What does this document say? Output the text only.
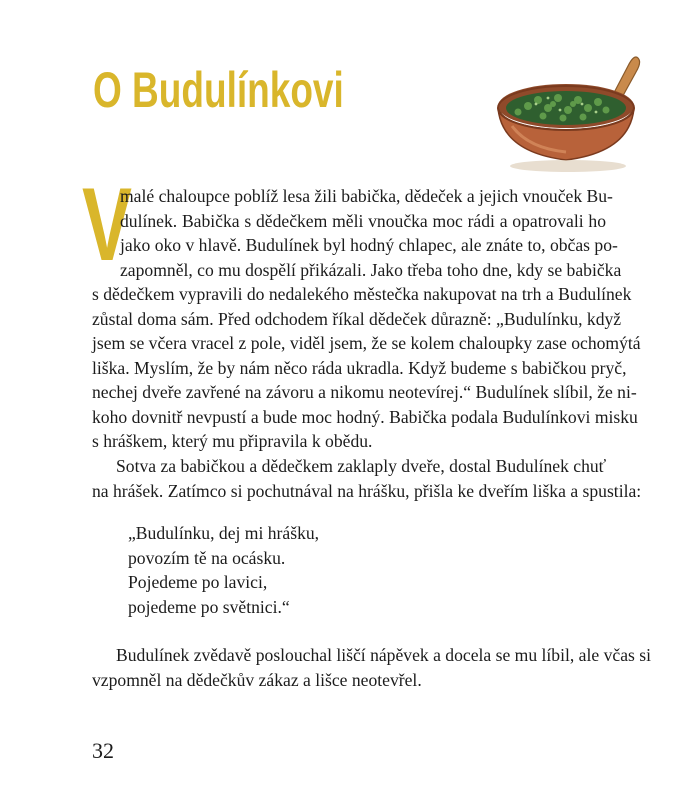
O Budulínkovi
V
malé chaloupce poblíž lesa žili babička, dědeček a jejich vnouček Bu-
dulínek. Babička s dědečkem měli vnoučka moc rádi a opatrovali ho
jako oko v hlavě. Budulínek byl hodný chlapec, ale znáte to, občas po-
zapomněl, co mu dospělí přikázali. Jako třeba toho dne, kdy se babička
s dědečkem vypravili do nedalekého městečka nakupovat na trh a Budulínek
zůstal doma sám. Před odchodem říkal dědeček důrazně: „Budulínku, když
jsem se včera vracel z pole, viděl jsem, že se kolem chaloupky zase ochomýtá
liška. Myslím, že by nám něco ráda ukradla. Když budeme s babičkou pryč,
nechej dveře zavřené na závoru a nikomu neotevírej.“ Budulínek slíbil, že ni-
koho dovnitř nevpustí a bude moc hodný. Babička podala Budulínkovi misku
s hráškem, který mu připravila k obědu.
Sotva za babičkou a dědečkem zaklaply dveře, dostal Budulínek chuť
na hrášek. Zatímco si pochutnával na hrášku, přišla ke dveřím liška a spustila:
„Budulínku, dej mi hrášku,
povozím tě na ocásku.
Pojedeme po lavici,
pojedeme po světnici.“
Budulínek zvědavě poslouchal liščí nápěvek a docela se mu líbil, ale včas si
vzpomněl na dědečkův zákaz a lišce neotevřel.
32
